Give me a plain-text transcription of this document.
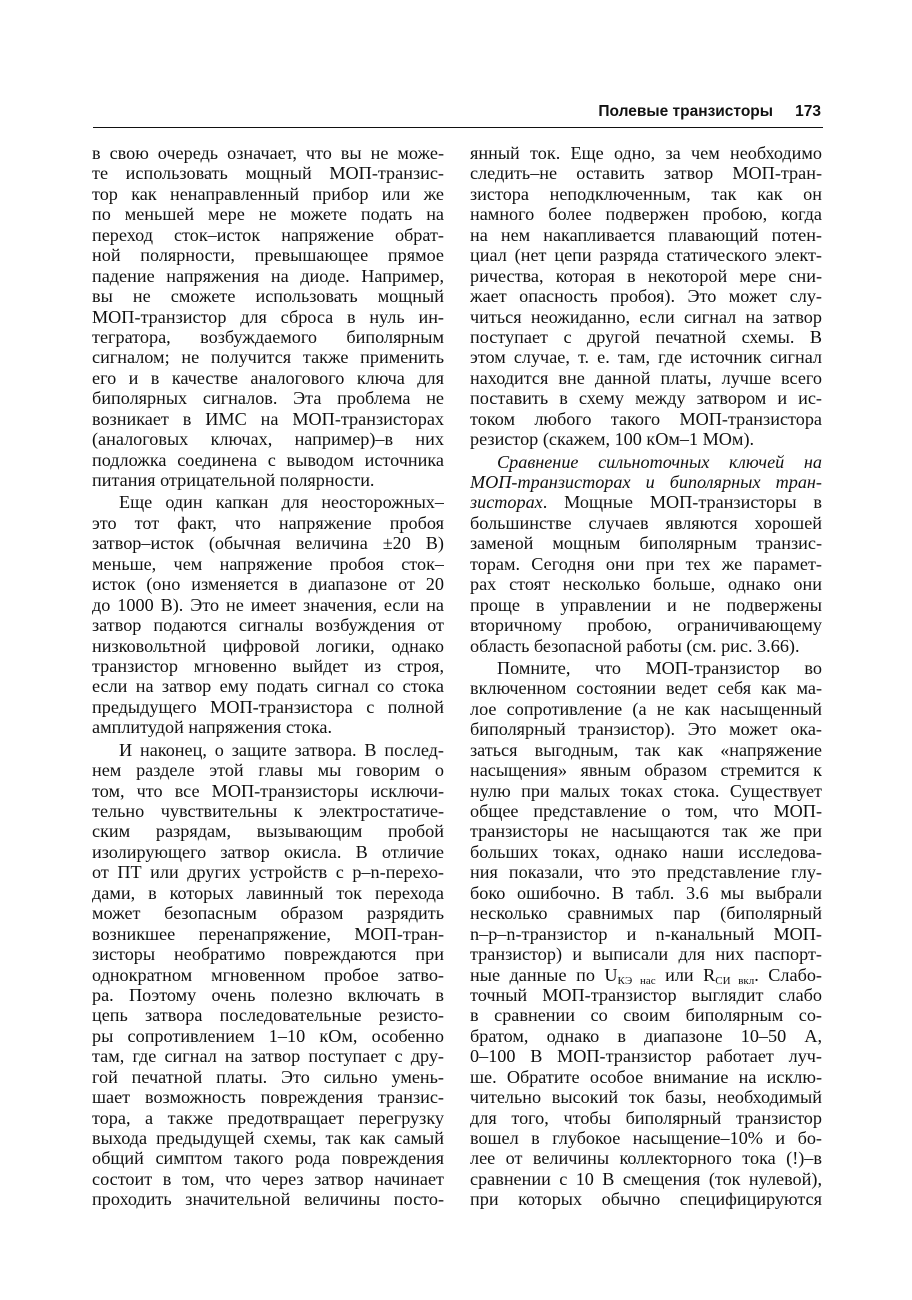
Полевые транзисторы 173
в свою очередь означает, что вы не може-
те использовать мощный МОП-транзис-
тор как ненаправленный прибор или же
по меньшей мере не можете подать на
переход сток–исток напряжение обрат-
ной полярности, превышающее прямое
падение напряжения на диоде. Например,
вы не сможете использовать мощный
МОП-транзистор для сброса в нуль ин-
тегратора, возбуждаемого биполярным
сигналом; не получится также применить
его и в качестве аналогового ключа для
биполярных сигналов. Эта проблема не
возникает в ИМС на МОП-транзисторах
(аналоговых ключах, например)–в них
подложка соединена с выводом источника
питания отрицательной полярности.
Еще один капкан для неосторожных–
это тот факт, что напряжение пробоя
затвор–исток (обычная величина ±20 В)
меньше, чем напряжение пробоя сток–
исток (оно изменяется в диапазоне от 20
до 1000 В). Это не имеет значения, если на
затвор подаются сигналы возбуждения от
низковольтной цифровой логики, однако
транзистор мгновенно выйдет из строя,
если на затвор ему подать сигнал со стока
предыдущего МОП-транзистора с полной
амплитудой напряжения стока.
И наконец, о защите затвора. В послед-
нем разделе этой главы мы говорим о
том, что все МОП-транзисторы исключи-
тельно чувствительны к электростатиче-
ским разрядам, вызывающим пробой
изолирующего затвор окисла. В отличие
от ПТ или других устройств с p–n-перехо-
дами, в которых лавинный ток перехода
может безопасным образом разрядить
возникшее перенапряжение, МОП-тран-
зисторы необратимо повреждаются при
однократном мгновенном пробое затво-
ра. Поэтому очень полезно включать в
цепь затвора последовательные резисто-
ры сопротивлением 1–10 кОм, особенно
там, где сигнал на затвор поступает с дру-
гой печатной платы. Это сильно умень-
шает возможность повреждения транзис-
тора, а также предотвращает перегрузку
выхода предыдущей схемы, так как самый
общий симптом такого рода повреждения
состоит в том, что через затвор начинает
проходить значительной величины посто-
янный ток. Еще одно, за чем необходимо
следить–не оставить затвор МОП-тран-
зистора неподключенным, так как он
намного более подвержен пробою, когда
на нем накапливается плавающий потен-
циал (нет цепи разряда статического элект-
ричества, которая в некоторой мере сни-
жает опасность пробоя). Это может слу-
читься неожиданно, если сигнал на затвор
поступает с другой печатной схемы. В
этом случае, т. е. там, где источник сигнал
находится вне данной платы, лучше всего
поставить в схему между затвором и ис-
током любого такого МОП-транзистора
резистор (скажем, 100 кОм–1 МОм).
Сравнение сильноточных ключей на
МОП-транзисторах и биполярных тран-
зисторах. Мощные МОП-транзисторы в
большинстве случаев являются хорошей
заменой мощным биполярным транзис-
торам. Сегодня они при тех же парамет-
рах стоят несколько больше, однако они
проще в управлении и не подвержены
вторичному пробою, ограничивающему
область безопасной работы (см. рис. 3.66).
Помните, что МОП-транзистор во
включенном состоянии ведет себя как ма-
лое сопротивление (а не как насыщенный
биполярный транзистор). Это может ока-
заться выгодным, так как «напряжение
насыщения» явным образом стремится к
нулю при малых токах стока. Существует
общее представление о том, что МОП-
транзисторы не насыщаются так же при
больших токах, однако наши исследова-
ния показали, что это представление глу-
боко ошибочно. В табл. 3.6 мы выбрали
несколько сравнимых пар (биполярный
n–p–n-транзистор и n-канальный МОП-
транзистор) и выписали для них паспорт-
ные данные по $U_{КЭ нас}$ или $R_{СИ вкл}$. Слабо-
точный МОП-транзистор выглядит слабо
в сравнении со своим биполярным со-
братом, однако в диапазоне 10–50 А,
0–100 В МОП-транзистор работает луч-
ше. Обратите особое внимание на исклю-
чительно высокий ток базы, необходимый
для того, чтобы биполярный транзистор
вошел в глубокое насыщение–10% и бо-
лее от величины коллекторного тока (!)–в
сравнении с 10 В смещения (ток нулевой),
при которых обычно специфицируются
